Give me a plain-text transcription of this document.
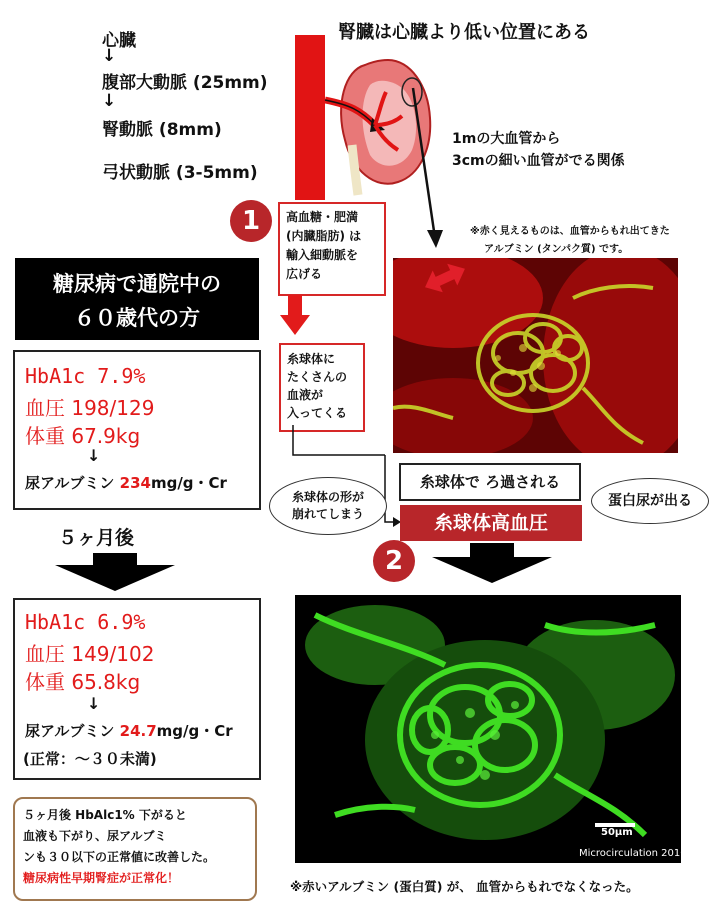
心臓
↓
腹部大動脈 (25mm)
↓
腎動脈 (8mm)
弓状動脈 (3-5mm)
腎臓は心臓より低い位置にある
1mの大血管から
3cmの細い血管がでる関係
1	高血糖・肥満
(内臓脂肪) は
輸入細動脈を
広げる
糸球体に
たくさんの
血液が
入ってくる
※赤く見えるものは、血管からもれ出てきた
アルブミン (タンパク質) です。
糖尿病で通院中の
６０歳代の方
HbA1c 7.9%
血圧 198/129
体重 67.9kg
↓
尿アルブミン 234mg/g・Cr
５ヶ月後
HbA1c 6.9%
血圧 149/102
体重 65.8kg
↓
尿アルブミン 24.7mg/g・Cr
(正常：～３０未満)
５ヶ月後 HbAlc1% 下がると
血液も下がり、尿アルブミ
ンも３０以下の正常値に改善した。
糖尿病性早期腎症が正常化！
糸球体で ろ過される
糸球体の形が
崩れてしまう
蛋白尿が出る
糸球体高血圧
2
50μm
Microcirculation 2010
※赤いアルブミン (蛋白質) が、 血管からもれでなくなった。
